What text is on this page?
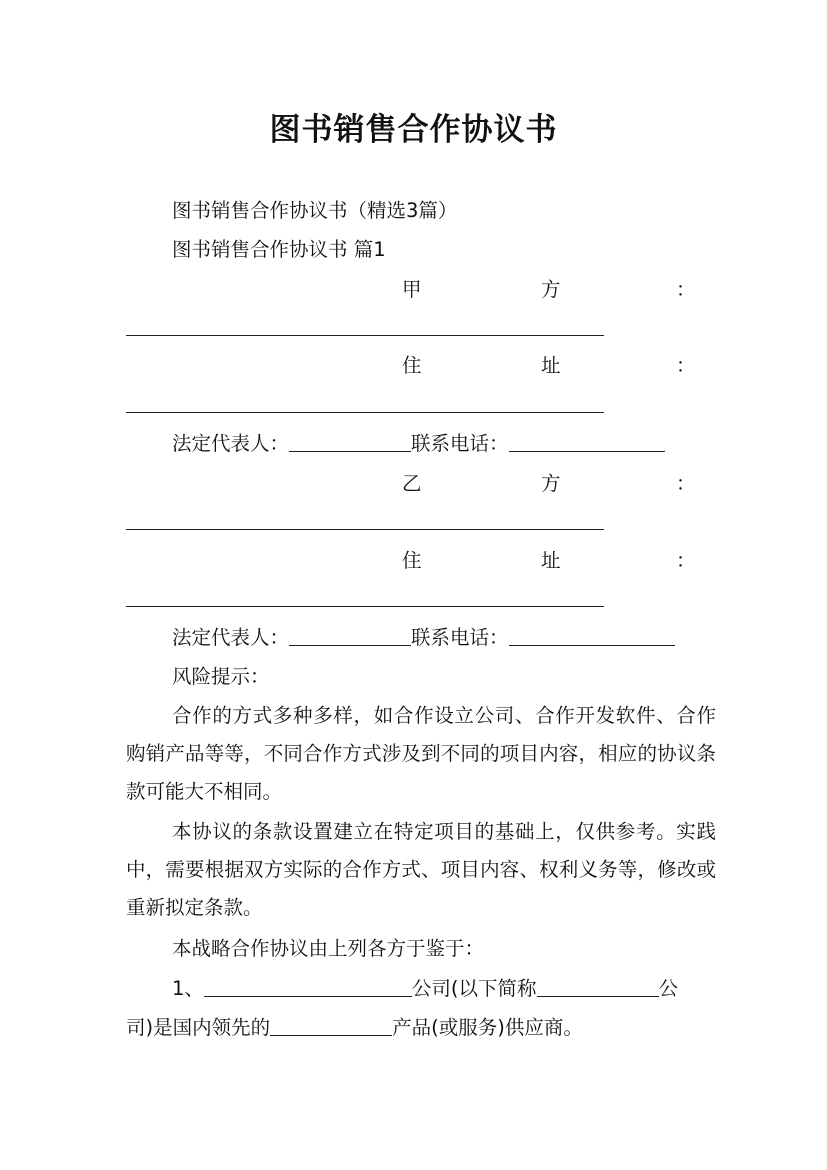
图书销售合作协议书
图书销售合作协议书（精选3篇）
图书销售合作协议书 篇1
甲	方	：
住	址	：
法定代表人：	联系电话：
乙	方	：
住	址	：
法定代表人：	联系电话：
风险提示：
合作的方式多种多样，如合作设立公司、合作开发软件、合作购销产品等等，不同合作方式涉及到不同的项目内容，相应的协议条款可能大不相同。
本协议的条款设置建立在特定项目的基础上，仅供参考。实践中，需要根据双方实际的合作方式、项目内容、权利义务等，修改或重新拟定条款。
本战略合作协议由上列各方于鉴于：
1、	公司(以下简称	公
司)是国内领先的	产品(或服务)供应商。
